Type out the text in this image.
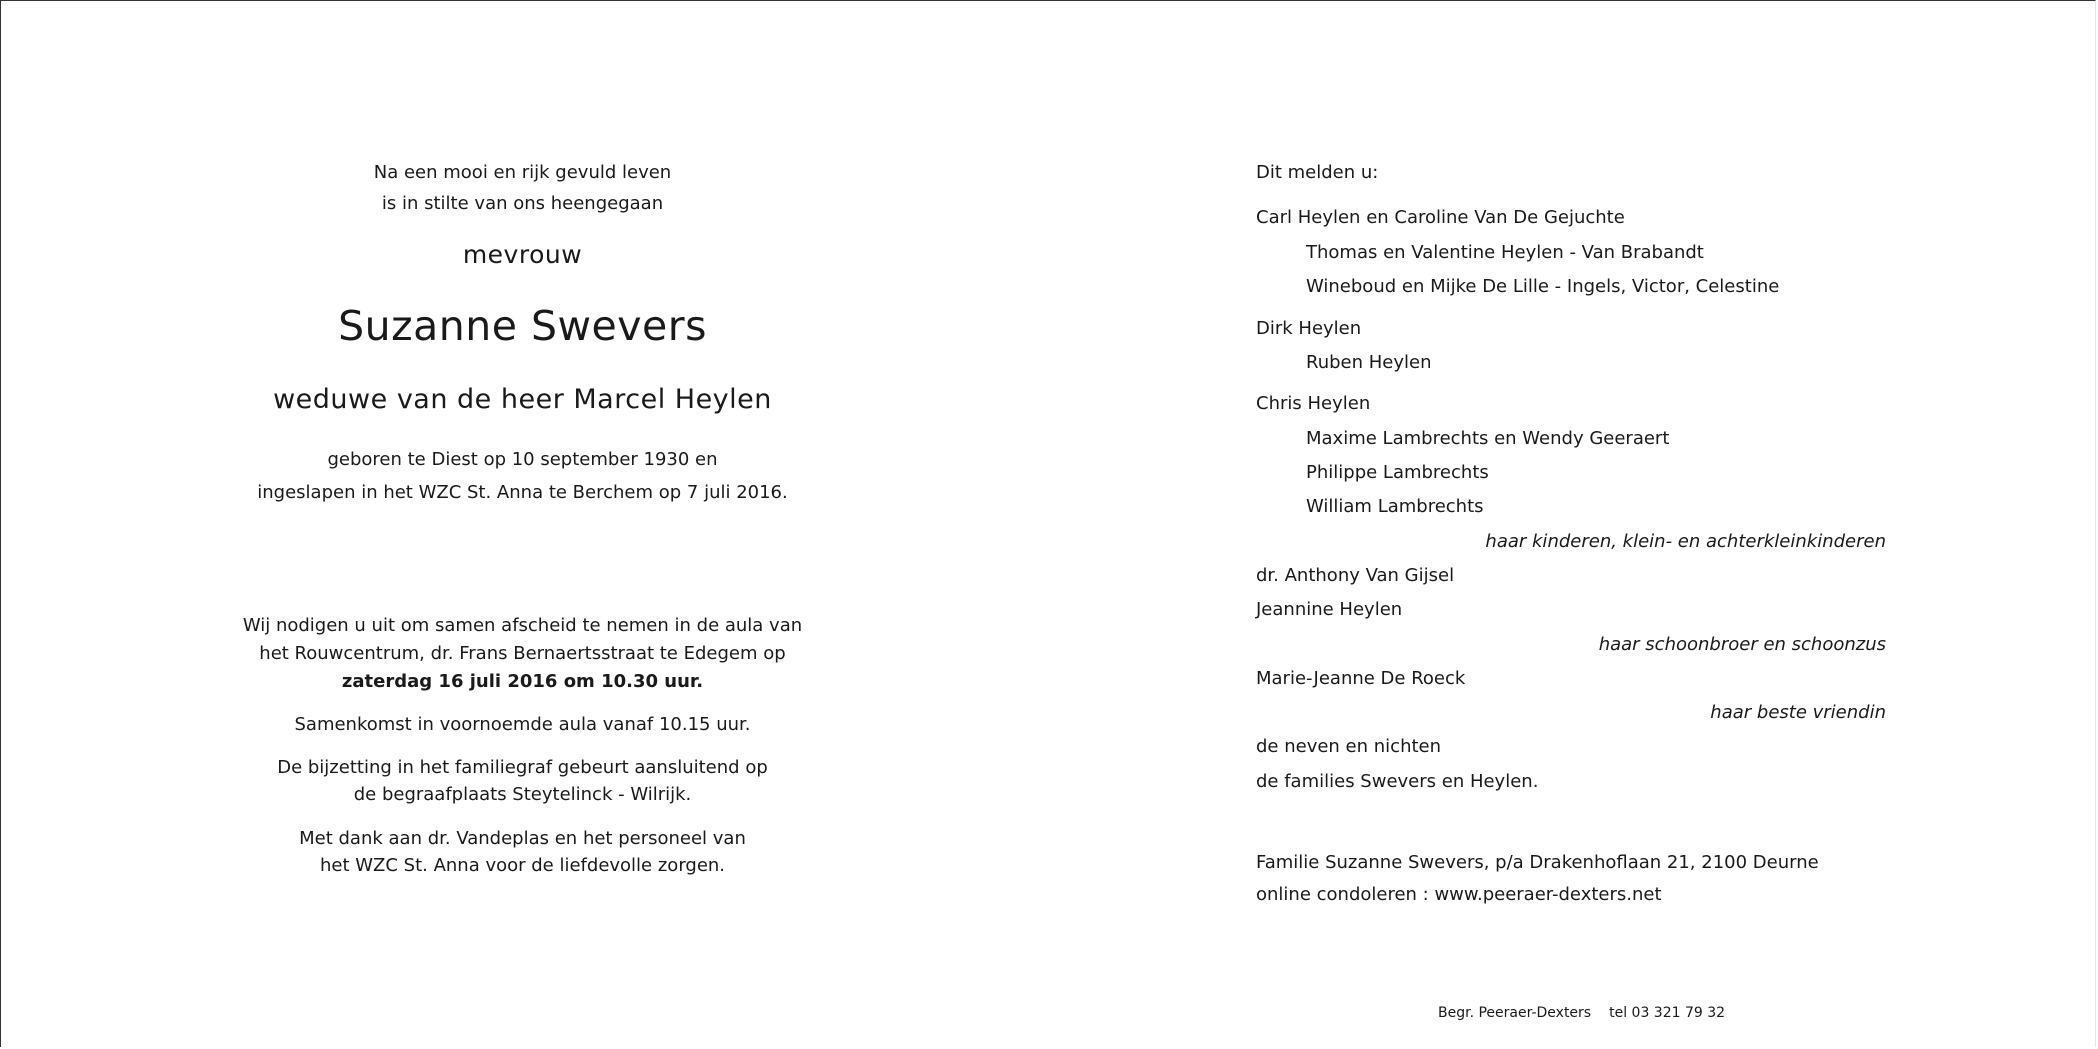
Na een mooi en rijk gevuld leven
is in stilte van ons heengegaan
mevrouw
Suzanne Swevers
weduwe van de heer Marcel Heylen
geboren te Diest op 10 september 1930 en
ingeslapen in het WZC St. Anna te Berchem op 7 juli 2016.
Wij nodigen u uit om samen afscheid te nemen in de aula van
het Rouwcentrum, dr. Frans Bernaertsstraat te Edegem op
zaterdag 16 juli 2016 om 10.30 uur.
Samenkomst in voornoemde aula vanaf 10.15 uur.
De bijzetting in het familiegraf gebeurt aansluitend op
de begraafplaats Steytelinck - Wilrijk.
Met dank aan dr. Vandeplas en het personeel van
het WZC St. Anna voor de liefdevolle zorgen.
Dit melden u:
Carl Heylen en Caroline Van De Gejuchte
Thomas en Valentine Heylen - Van Brabandt
Wineboud en Mijke De Lille - Ingels, Victor, Celestine
Dirk Heylen
Ruben Heylen
Chris Heylen
Maxime Lambrechts en Wendy Geeraert
Philippe Lambrechts
William Lambrechts
haar kinderen, klein- en achterkleinkinderen
dr. Anthony Van Gijsel
Jeannine Heylen
haar schoonbroer en schoonzus
Marie-Jeanne De Roeck
haar beste vriendin
de neven en nichten
de families Swevers en Heylen.
Familie Suzanne Swevers, p/a Drakenhoflaan 21, 2100 Deurne
online condoleren : www.peeraer-dexters.net
Begr. Peeraer-Dexters tel 03 321 79 32
